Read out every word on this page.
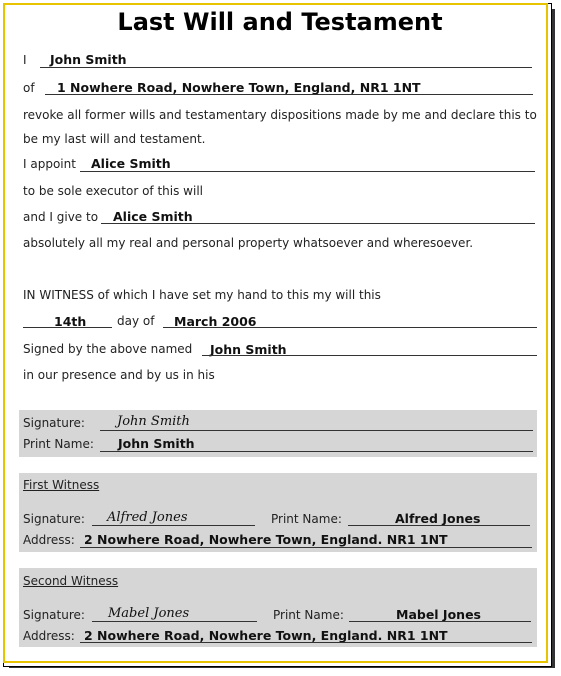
Last Will and Testament
I John Smith
of 1 Nowhere Road, Nowhere Town, England, NR1 1NT
revoke all former wills and testamentary dispositions made by me and declare this to
be my last will and testament.
I appoint Alice Smith
to be sole executor of this will
and I give to Alice Smith
absolutely all my real and personal property whatsoever and wheresoever.
IN WITNESS of which I have set my hand to this my will this
14th	day of March 2006
Signed by the above named John Smith
in our presence and by us in his
Signature: John Smith
Print Name: John Smith
First Witness
Signature: Alfred Jones	Print Name:	Alfred Jones
Address: 2 Nowhere Road, Nowhere Town, England. NR1 1NT
Second Witness
Signature: Mabel Jones	Print Name:	Mabel Jones
Address: 2 Nowhere Road, Nowhere Town, England. NR1 1NT
